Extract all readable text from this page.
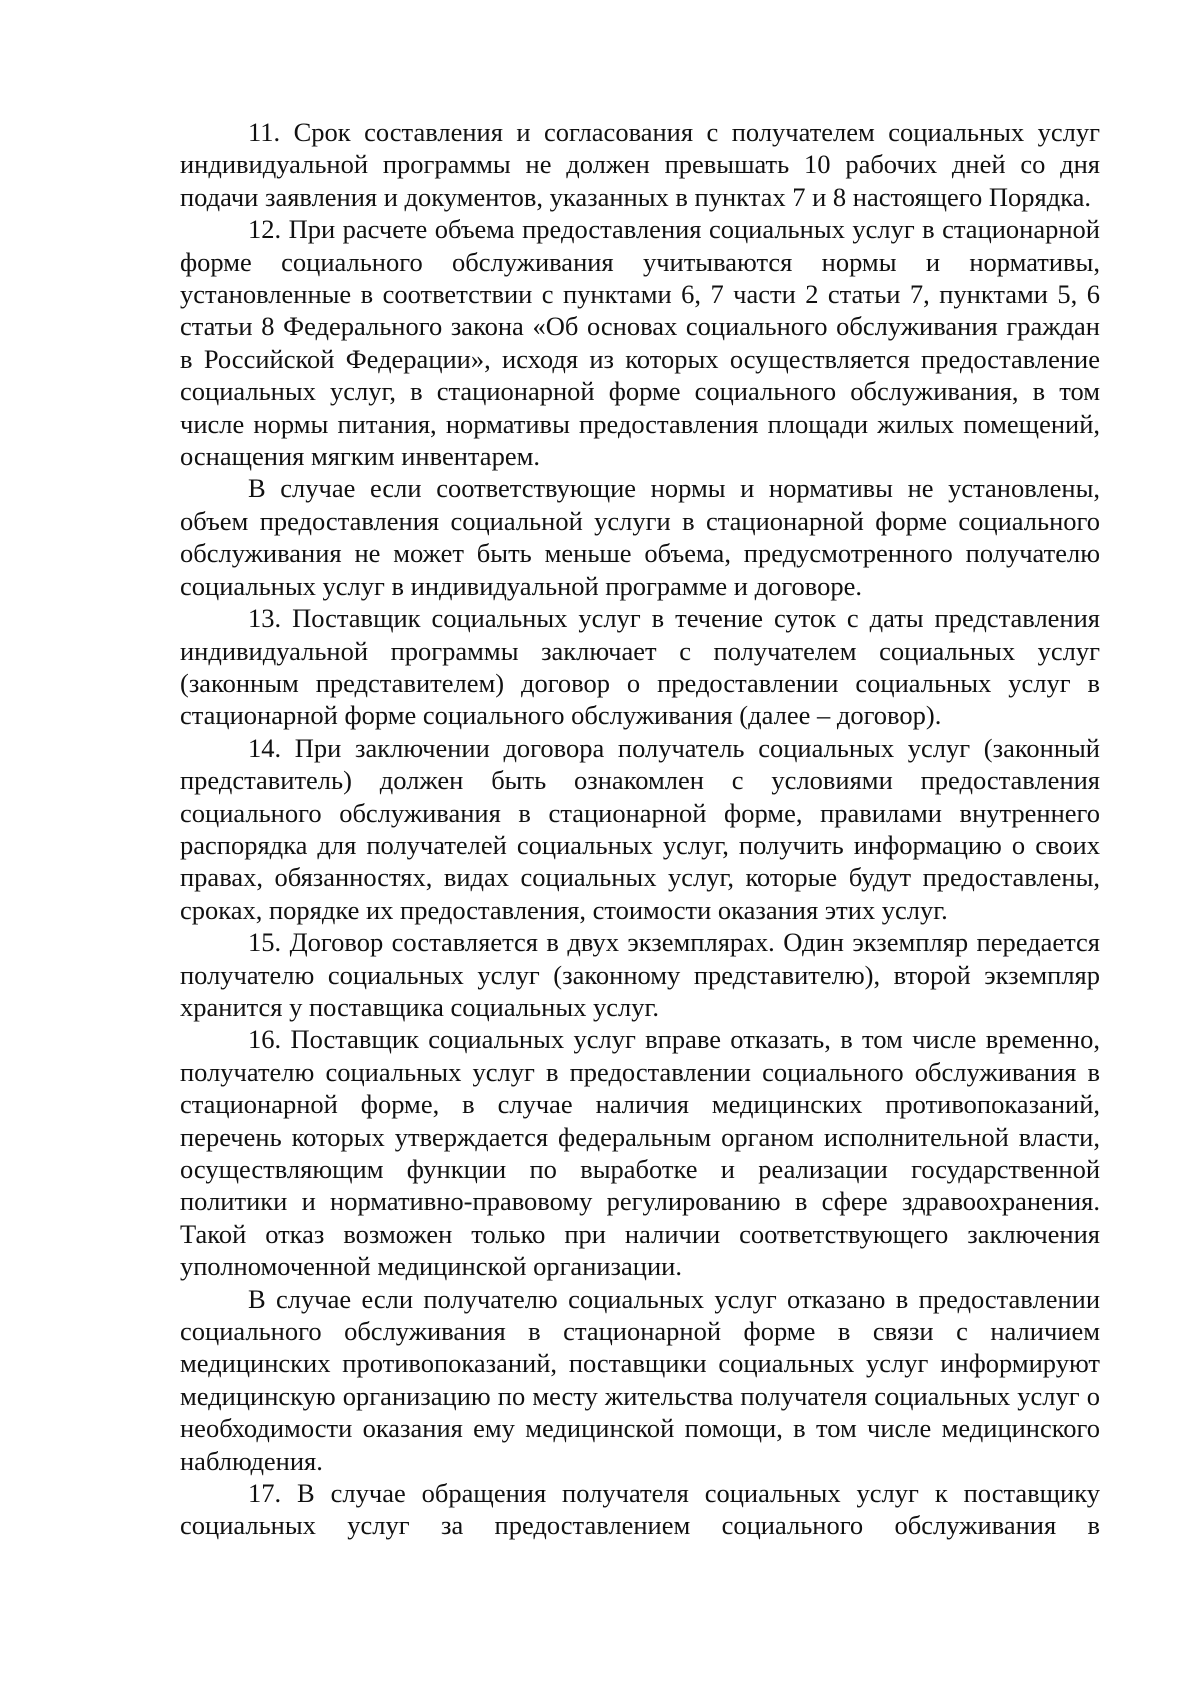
11. Срок составления и согласования с получателем социальных услуг индивидуальной программы не должен превышать 10 рабочих дней со дня подачи заявления и документов, указанных в пунктах 7 и 8 настоящего Порядка.

12. При расчете объема предоставления социальных услуг в стационарной форме социального обслуживания учитываются нормы и нормативы, установленные в соответствии с пунктами 6, 7 части 2 статьи 7, пунктами 5, 6 статьи 8 Федерального закона «Об основах социального обслуживания граждан в Российской Федерации», исходя из которых осуществляется предоставление социальных услуг, в стационарной форме социального обслуживания, в том числе нормы питания, нормативы предоставления площади жилых помещений, оснащения мягким инвентарем.

В случае если соответствующие нормы и нормативы не установлены, объем предоставления социальной услуги в стационарной форме социального обслуживания не может быть меньше объема, предусмотренного получателю социальных услуг в индивидуальной программе и договоре.

13. Поставщик социальных услуг в течение суток с даты представления индивидуальной программы заключает с получателем социальных услуг (законным представителем) договор о предоставлении социальных услуг в стационарной форме социального обслуживания (далее – договор).

14. При заключении договора получатель социальных услуг (законный представитель) должен быть ознакомлен с условиями предоставления социального обслуживания в стационарной форме, правилами внутреннего распорядка для получателей социальных услуг, получить информацию о своих правах, обязанностях, видах социальных услуг, которые будут предоставлены, сроках, порядке их предоставления, стоимости оказания этих услуг.

15. Договор составляется в двух экземплярах. Один экземпляр передается получателю социальных услуг (законному представителю), второй экземпляр хранится у поставщика социальных услуг.

16. Поставщик социальных услуг вправе отказать, в том числе временно, получателю социальных услуг в предоставлении социального обслуживания в стационарной форме, в случае наличия медицинских противопоказаний, перечень которых утверждается федеральным органом исполнительной власти, осуществляющим функции по выработке и реализации государственной политики и нормативно-правовому регулированию в сфере здравоохранения. Такой отказ возможен только при наличии соответствующего заключения уполномоченной медицинской организации.

В случае если получателю социальных услуг отказано в предоставлении социального обслуживания в стационарной форме в связи с наличием медицинских противопоказаний, поставщики социальных услуг информируют медицинскую организацию по месту жительства получателя социальных услуг о необходимости оказания ему медицинской помощи, в том числе медицинского наблюдения.

17. В случае обращения получателя социальных услуг к поставщику социальных услуг за предоставлением социального обслуживания в
